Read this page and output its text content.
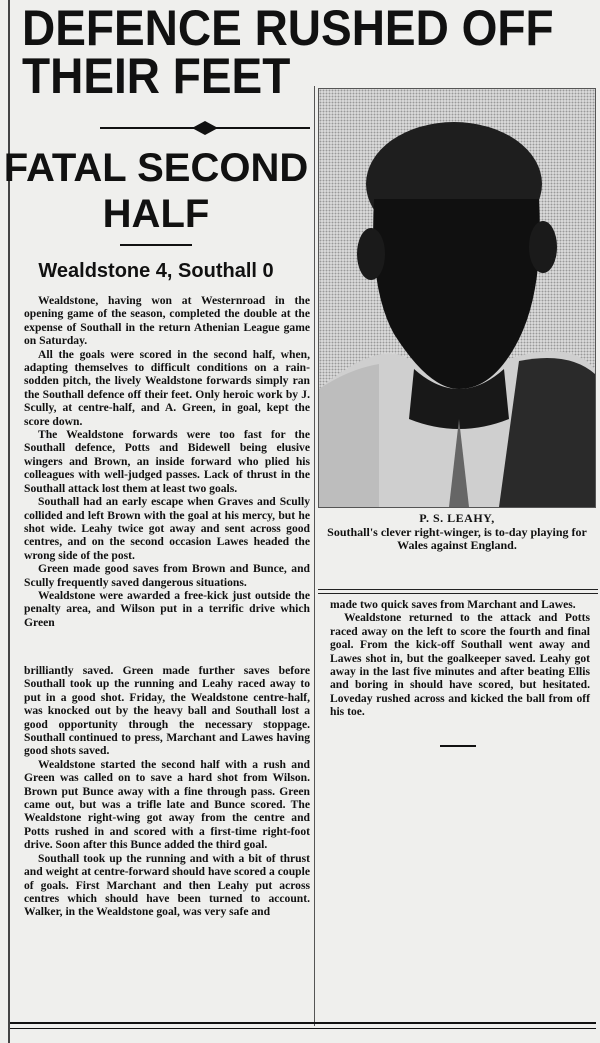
DEFENCE RUSHED OFF
THEIR FEET
FATAL SECOND
HALF
Wealdstone 4, Southall 0

Wealdstone, having won at Westernroad in the opening game of the season, completed the double at the expense of Southall in the return Athenian League game on Saturday.

All the goals were scored in the second half, when, adapting themselves to difficult conditions on a rain-sodden pitch, the lively Wealdstone forwards simply ran the Southall defence off their feet. Only heroic work by J. Scully, at centre-half, and A. Green, in goal, kept the score down.

The Wealdstone forwards were too fast for the Southall defence, Potts and Bidewell being elusive wingers and Brown, an inside forward who plied his colleagues with well-judged passes. Lack of thrust in the Southall attack lost them at least two goals.

Southall had an early escape when Graves and Scully collided and left Brown with the goal at his mercy, but he shot wide. Leahy twice got away and sent across good centres, and on the second occasion Lawes headed the wrong side of the post.

Green made good saves from Brown and Bunce, and Scully frequently saved dangerous situations.

Wealdstone were awarded a free-kick just outside the penalty area, and Wilson put in a terrific drive which Green

brilliantly saved. Green made further saves before Southall took up the running and Leahy raced away to put in a good shot. Friday, the Wealdstone centre-half, was knocked out by the heavy ball and Southall lost a good opportunity through the necessary stoppage. Southall continued to press, Marchant and Lawes having good shots saved.

Wealdstone started the second half with a rush and Green was called on to save a hard shot from Wilson. Brown put Bunce away with a fine through pass. Green came out, but was a trifle late and Bunce scored. The Wealdstone right-wing got away from the centre and Potts rushed in and scored with a first-time right-foot drive. Soon after this Bunce added the third goal.

Southall took up the running and with a bit of thrust and weight at centre-forward should have scored a couple of goals. First Marchant and then Leahy put across centres which should have been turned to account. Walker, in the Wealdstone goal, was very safe and

P. S. LEAHY,
Southall's clever right-winger, is to-day playing for Wales against England.

made two quick saves from Marchant and Lawes.

Wealdstone returned to the attack and Potts raced away on the left to score the fourth and final goal. From the kick-off Southall went away and Lawes shot in, but the goalkeeper saved. Leahy got away in the last five minutes and after beating Ellis and boring in should have scored, but hesitated. Loveday rushed across and kicked the ball from off his toe.
